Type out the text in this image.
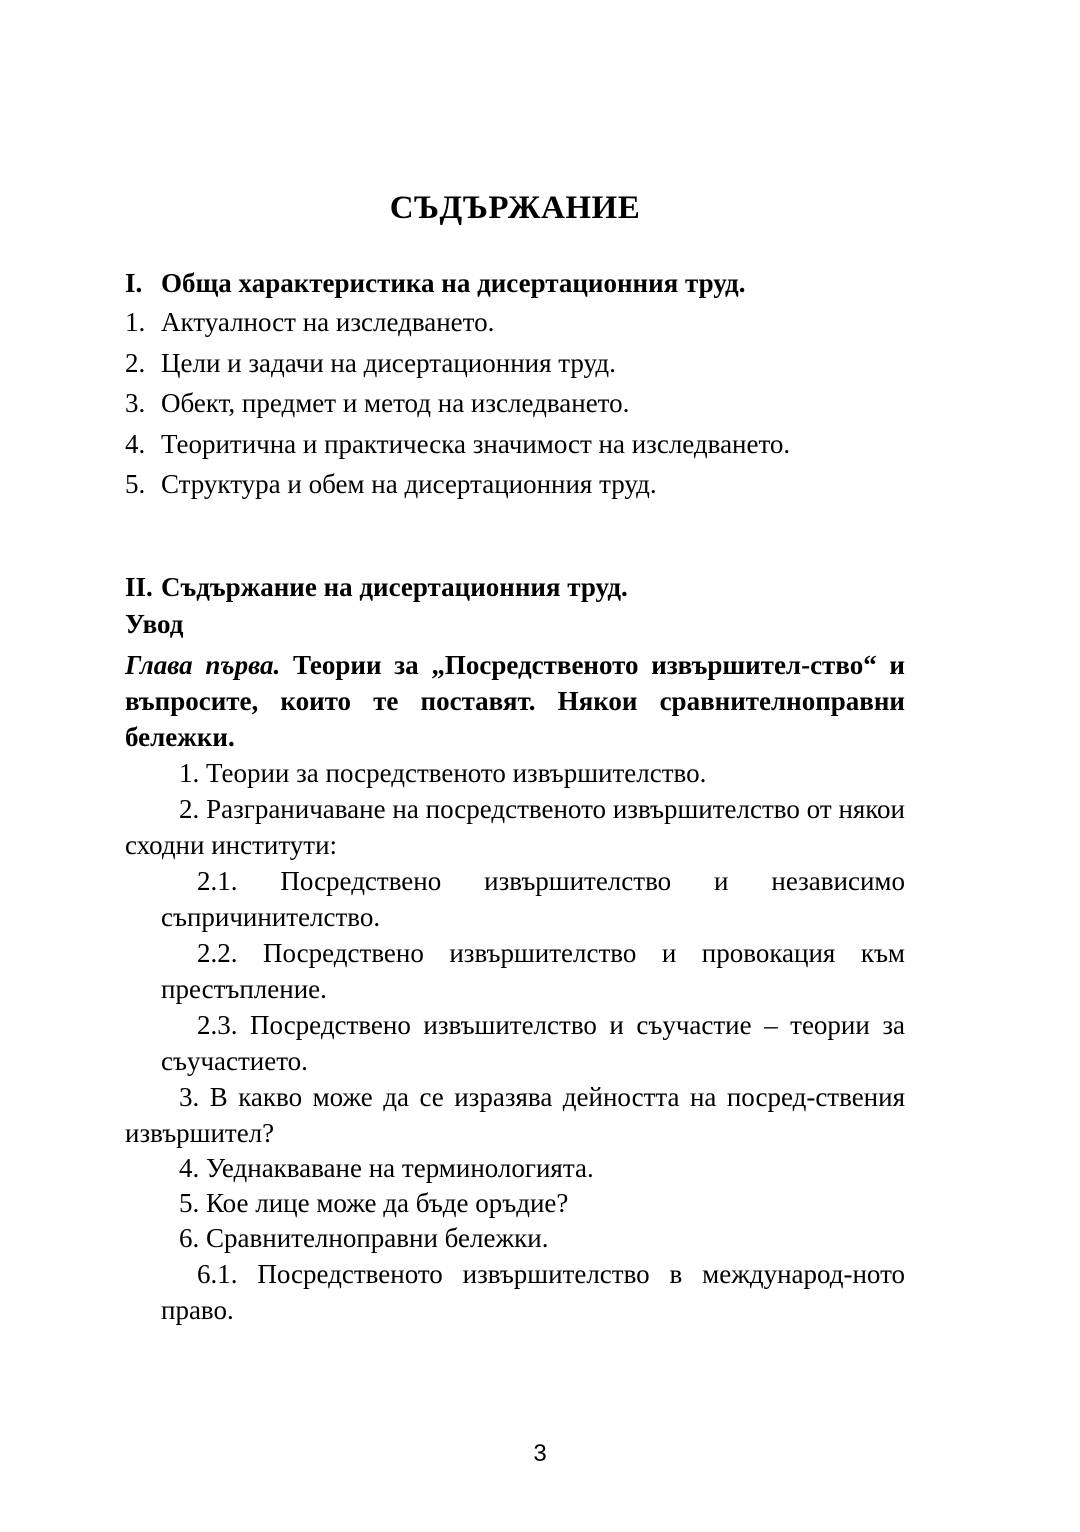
СЪДЪРЖАНИЕ
I. Обща характеристика на дисертационния труд.
1. Актуалност на изследването.
2. Цели и задачи на дисертационния труд.
3. Обект, предмет и метод на изследването.
4. Теоритична и практическа значимост на изследването.
5. Структура и обем на дисертационния труд.
II. Съдържание на дисертационния труд.
Увод
Глава първа. Теории за „Посредственото извършител-ство“ и въпросите, които те поставят. Някои сравнителноправни бележки.
1. Теории за посредственото извършителство.
2. Разграничаване на посредственото извършителство от някои сходни институти:
2.1. Посредствено извършителство и независимо съпричинителство.
2.2. Посредствено извършителство и провокация към престъпление.
2.3. Посредствено извъшителство и съучастие – теории за съучастието.
3. В какво може да се изразява дейността на посред-ствения извършител?
4. Уеднакваване на терминологията.
5. Кое лице може да бъде оръдие?
6. Сравнителноправни бележки.
6.1. Посредственото извършителство в международ-ното право.
3
